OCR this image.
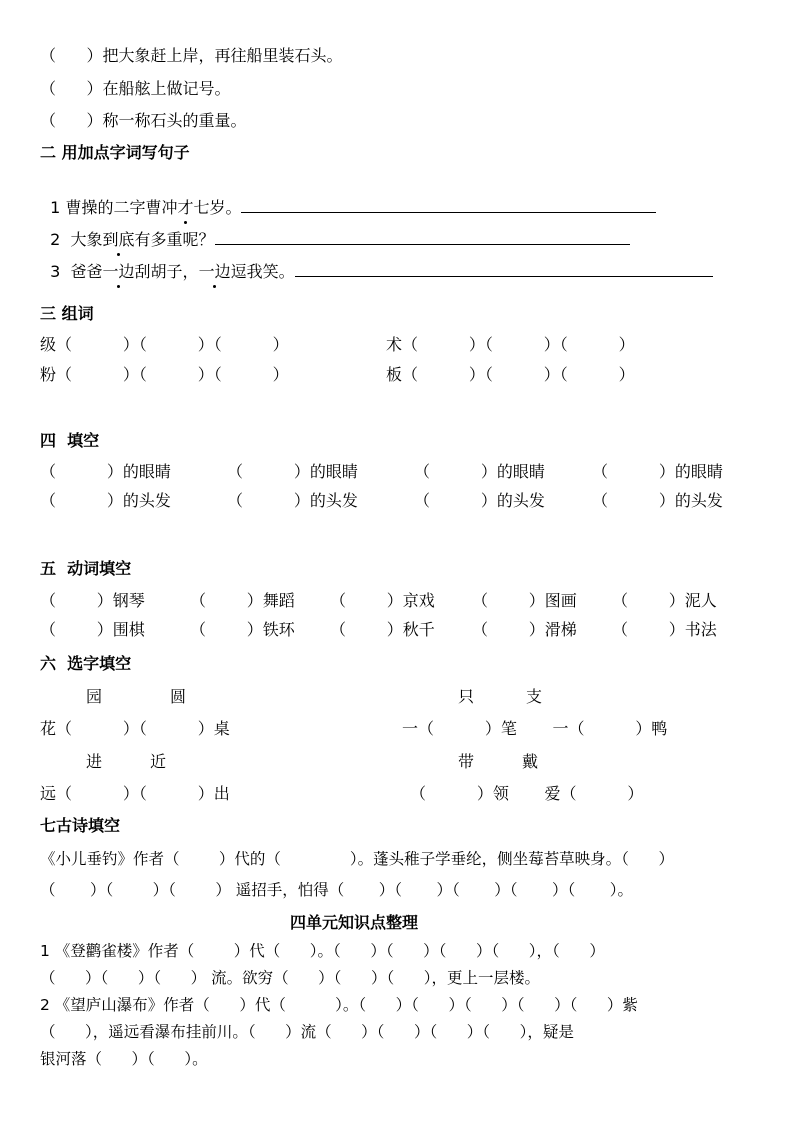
（      ）把大象赶上岸，再往船里装石头。
（      ）在船舷上做记号。
（      ）称一称石头的重量。
二 用加点字词写句子

1 曹操的二字曹冲才七岁。

2  大象到底有多重呢？

3  爸爸一边刮胡子，一边逗我笑。

三 组词
级（          ）（          ）（          ）	术（          ）（          ）（          ）
粉（          ）（          ）（          ）	板（          ）（          ）（          ）
四  填空
（          ）的眼睛	（          ）的眼睛	（          ）的眼睛	（          ）的眼睛
（          ）的头发	（          ）的头发	（          ）的头发	（          ）的头发
五  动词填空
（        ）钢琴	（        ）舞蹈 （        ）京戏 （        ）图画 （        ）泥人
（        ）围棋	（        ）铁环 （        ）秋千 （        ）滑梯 （        ）书法
六  选字填空
园	圆	只	支
花（          ）（          ）桌	一（          ）笔       一（          ）鸭
进	近	带	戴
远（          ）（          ）出	（          ）领       爱（          ）
七古诗填空
《小儿垂钓》作者（        ）代的（              ）。蓬头稚子学垂纶，侧坐莓苔草映身。（      ）
（       ）（        ）（        ） 遥招手，怕得（       ）（       ）（       ）（       ）（       ）。
四单元知识点整理
1 《登鹳雀楼》作者（        ）代（      ）。（      ）（      ）（      ）（      ），（      ）
（      ）（      ）（      ） 流。欲穷（      ）（      ）（      ），更上一层楼。
2 《望庐山瀑布》作者（      ）代（          ）。（      ）（      ）（      ）（      ）（      ）紫
（      ），遥远看瀑布挂前川。（      ）流（      ）（      ）（      ）（      ），疑是
银河落（      ）（      ）。
